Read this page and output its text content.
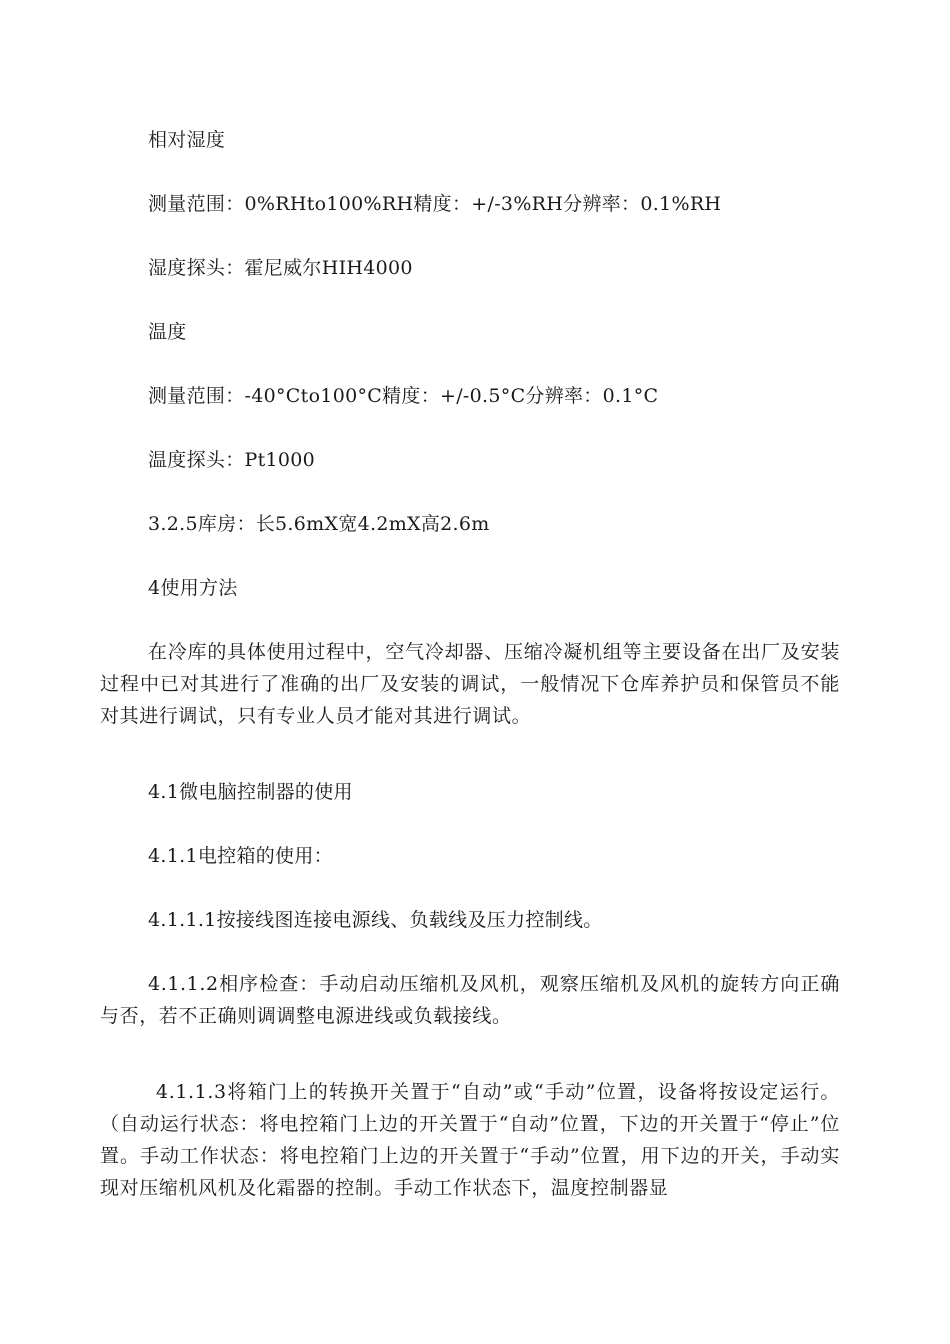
相对湿度
测量范围：0%RHto100%RH精度：+/-3%RH分辨率：0.1%RH
湿度探头：霍尼威尔HIH4000
温度
测量范围：-40°Cto100°C精度：+/-0.5°C分辨率：0.1°C
温度探头：Pt1000
3.2.5库房：长5.6mX宽4.2mX高2.6m
4使用方法
在冷库的具体使用过程中，空气冷却器、压缩冷凝机组等主要设备在出厂及安装过程中已对其进行了准确的出厂及安装的调试，一般情况下仓库养护员和保管员不能对其进行调试，只有专业人员才能对其进行调试。
4.1微电脑控制器的使用
4.1.1电控箱的使用：
4.1.1.1按接线图连接电源线、负载线及压力控制线。
4.1.1.2相序检查：手动启动压缩机及风机，观察压缩机及风机的旋转方向正确与否，若不正确则调调整电源进线或负载接线。
4.1.1.3将箱门上的转换开关置于“自动”或“手动”位置，设备将按设定运行。（自动运行状态：将电控箱门上边的开关置于“自动”位置，下边的开关置于“停止”位置。手动工作状态：将电控箱门上边的开关置于“手动”位置，用下边的开关，手动实现对压缩机风机及化霜器的控制。手动工作状态下，温度控制器显
